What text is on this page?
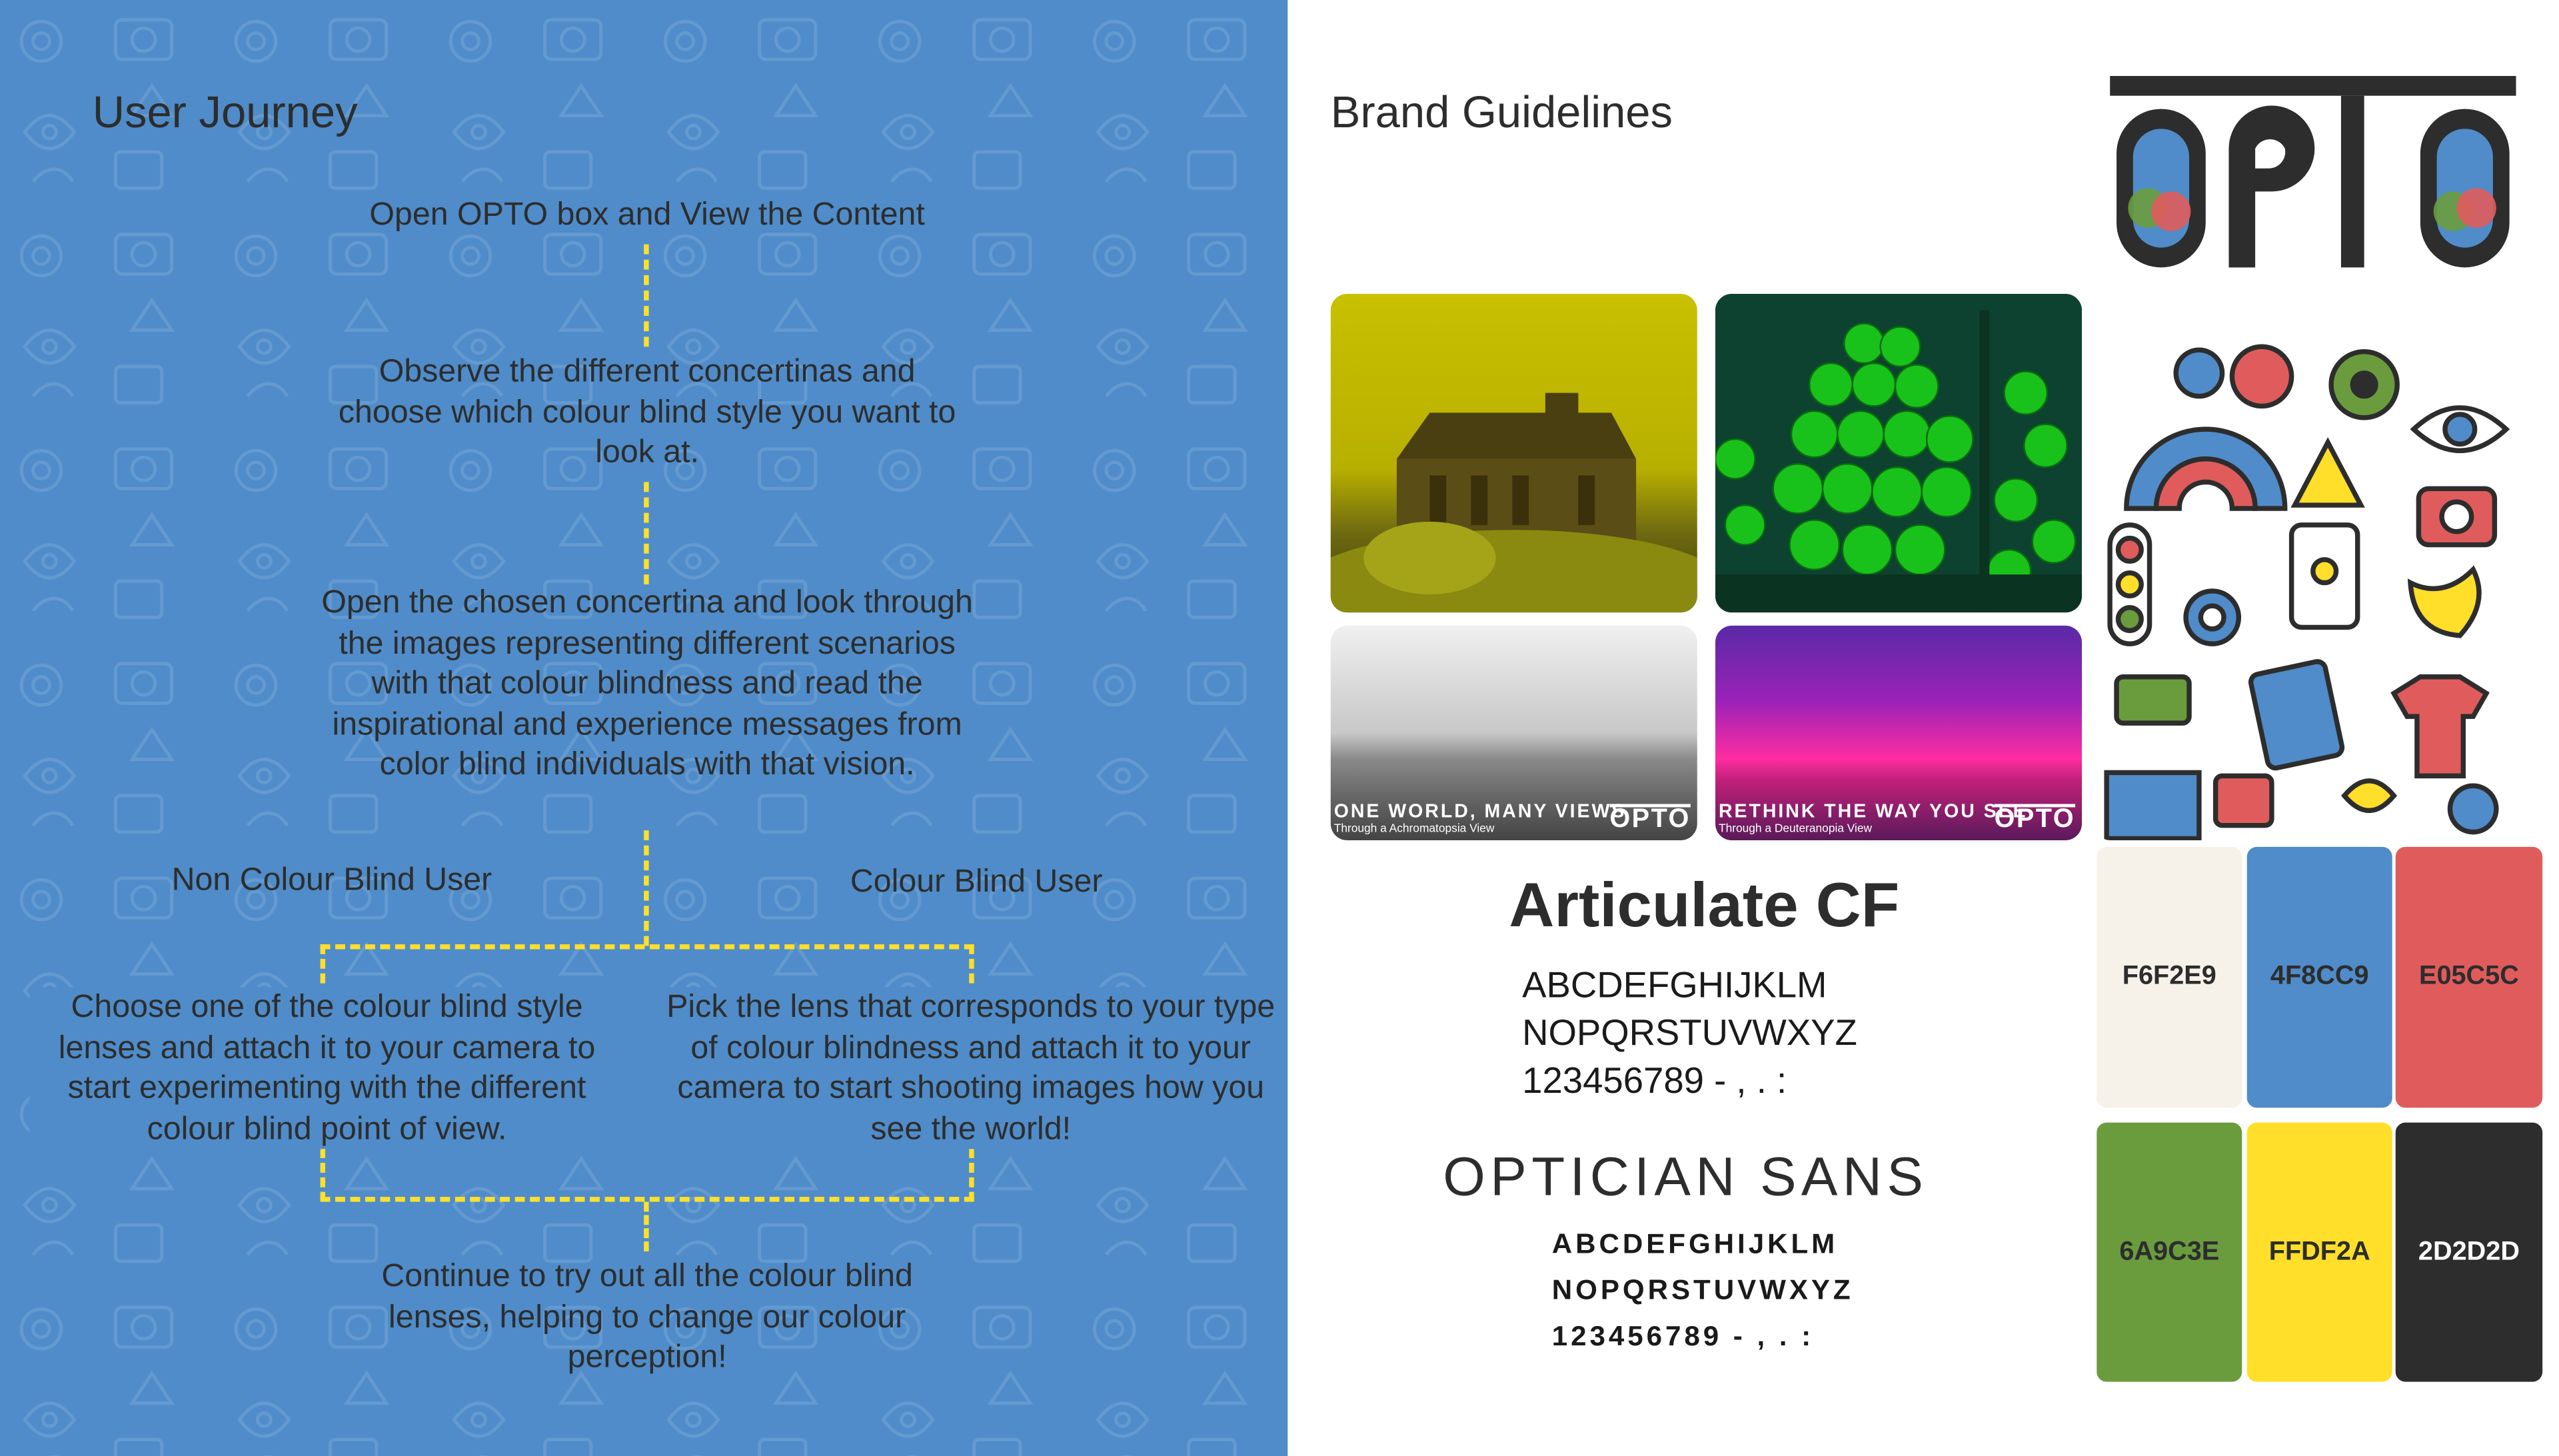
User Journey
Open OPTO box and View the Content
Observe the different concertinas and choose which colour blind style you want to look at.
Open the chosen concertina and look through the images representing different scenarios with that colour blindness and read the inspirational and experience messages from color blind individuals with that vision.
Non Colour Blind User	Colour Blind User
Choose one of the colour blind style lenses and attach it to your camera to start experimenting with the different colour blind point of view.
Pick the lens that corresponds to your type of colour blindness and attach it to your camera to start shooting images how you see the world!
Continue to try out all the colour blind lenses, helping to change our colour perception!
Brand Guidelines
ONE WORLD, MANY VIEWS
Through a Achromatopsia View	OPTO	RETHINK THE WAY YOU SEE
Through a Deuteranopia View	OPTO
Articulate CF
ABCDEFGHIJKLM
NOPQRSTUVWXYZ
123456789 - , . :
OPTICIAN SANS
ABCDEFGHIJKLM
NOPQRSTUVWXYZ
123456789 - , . :
F6F2E9	4F8CC9	E05C5C
6A9C3E	FFDF2A	2D2D2D
